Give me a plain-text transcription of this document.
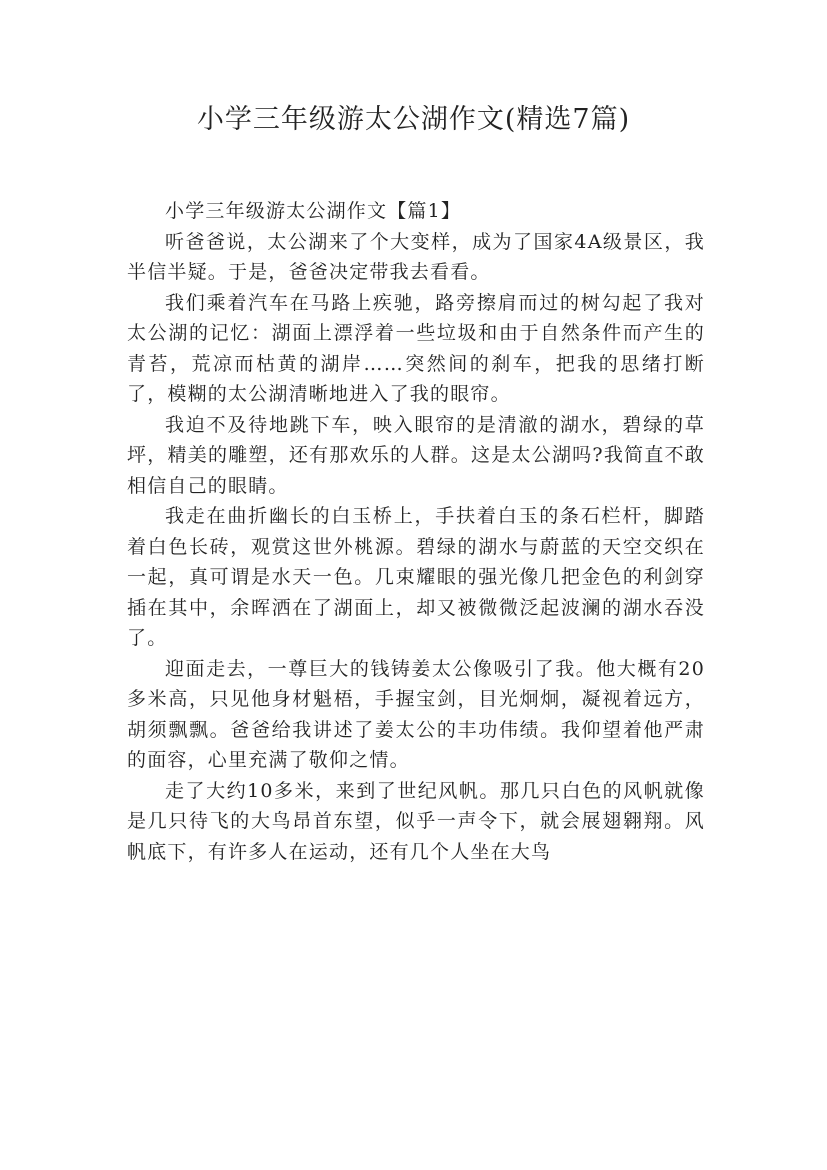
小学三年级游太公湖作文(精选7篇)

小学三年级游太公湖作文【篇1】

听爸爸说，太公湖来了个大变样，成为了国家4A级景区，我半信半疑。于是，爸爸决定带我去看看。

我们乘着汽车在马路上疾驰，路旁擦肩而过的树勾起了我对太公湖的记忆：湖面上漂浮着一些垃圾和由于自然条件而产生的青苔，荒凉而枯黄的湖岸……突然间的刹车，把我的思绪打断了，模糊的太公湖清晰地进入了我的眼帘。

我迫不及待地跳下车，映入眼帘的是清澈的湖水，碧绿的草坪，精美的雕塑，还有那欢乐的人群。这是太公湖吗?我简直不敢相信自己的眼睛。

我走在曲折幽长的白玉桥上，手扶着白玉的条石栏杆，脚踏着白色长砖，观赏这世外桃源。碧绿的湖水与蔚蓝的天空交织在一起，真可谓是水天一色。几束耀眼的强光像几把金色的利剑穿插在其中，余晖洒在了湖面上，却又被微微泛起波澜的湖水吞没了。

迎面走去，一尊巨大的钱铸姜太公像吸引了我。他大概有20多米高，只见他身材魁梧，手握宝剑，目光炯炯，凝视着远方，胡须飘飘。爸爸给我讲述了姜太公的丰功伟绩。我仰望着他严肃的面容，心里充满了敬仰之情。

走了大约10多米，来到了世纪风帆。那几只白色的风帆就像是几只待飞的大鸟昂首东望，似乎一声令下，就会展翅翱翔。风帆底下，有许多人在运动，还有几个人坐在大鸟
